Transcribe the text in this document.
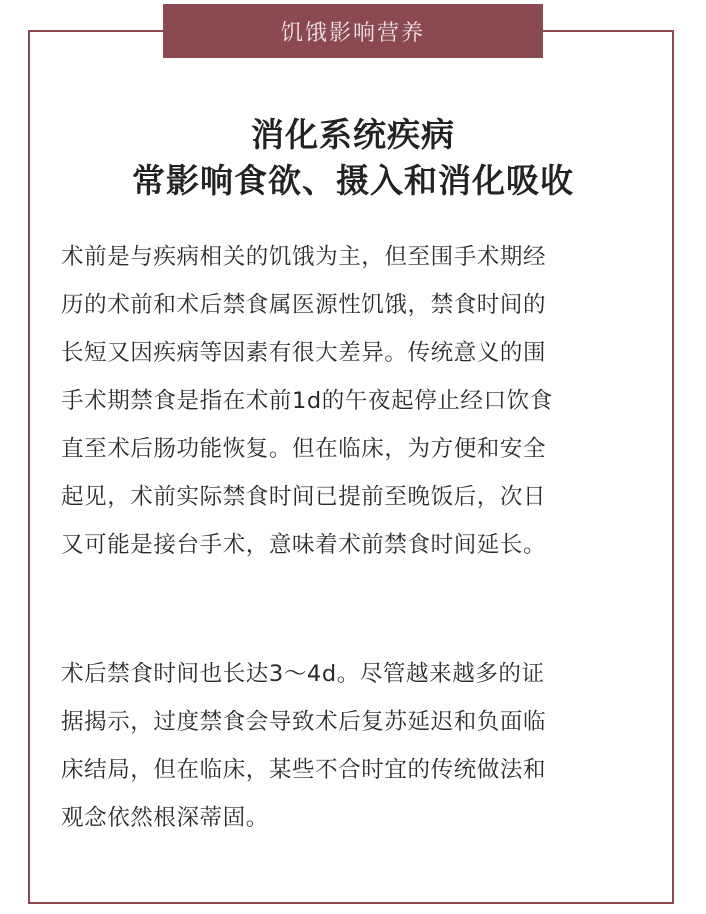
饥饿影响营养
消化系统疾病
常影响食欲、摄入和消化吸收
术前是与疾病相关的饥饿为主，但至围手术期经
历的术前和术后禁食属医源性饥饿，禁食时间的
长短又因疾病等因素有很大差异。传统意义的围
手术期禁食是指在术前1d的午夜起停止经口饮食
直至术后肠功能恢复。但在临床，为方便和安全
起见，术前实际禁食时间已提前至晚饭后，次日
又可能是接台手术，意味着术前禁食时间延长。
术后禁食时间也长达3～4d。尽管越来越多的证
据揭示，过度禁食会导致术后复苏延迟和负面临
床结局，但在临床，某些不合时宜的传统做法和
观念依然根深蒂固。
